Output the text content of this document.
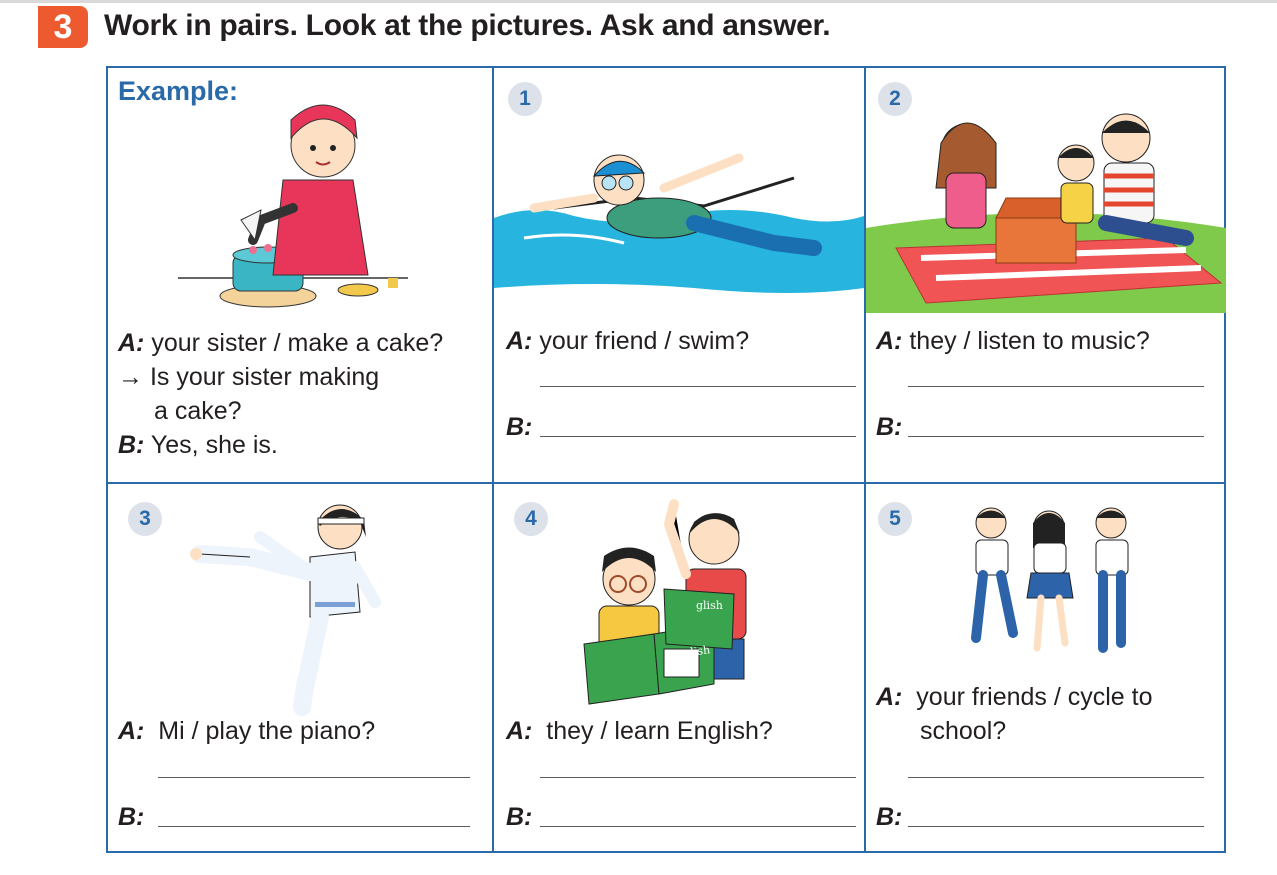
3	Work in pairs. Look at the pictures. Ask and answer.
Example:
A: your sister / make a cake?
→ Is your sister making
a cake?
B: Yes, she is.
1
A: your friend / swim?
B:
2
A: they / listen to music?
B:
3
A: Mi / play the piano?
B:
4
English
glish
A: they / learn English?
B:
5
A: your friends / cycle to
school?
B:
